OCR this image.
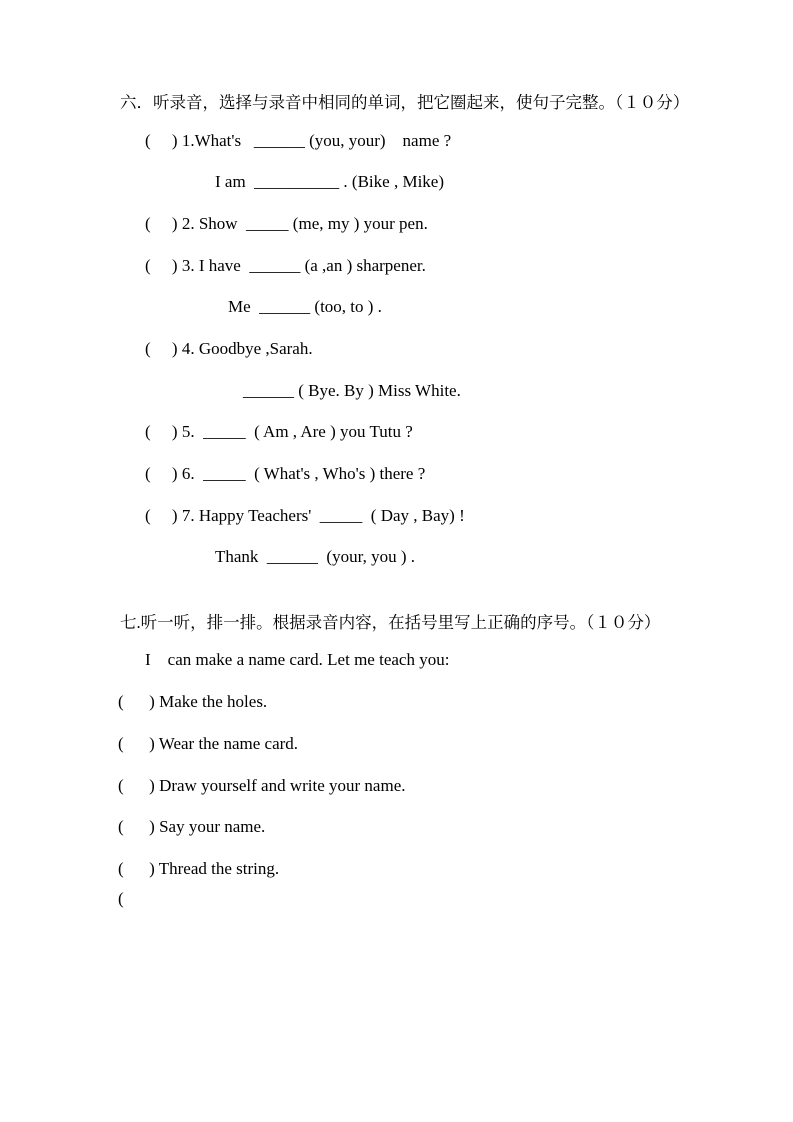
六．听录音，选择与录音中相同的单词，把它圈起来，使句子完整。（１０分）
(     ) 1.What's   ______ (you, your)    name ?
I am  __________ . (Bike , Mike)
(     ) 2. Show  _____ (me, my ) your pen.
(     ) 3. I have  ______ (a ,an ) sharpener.
Me  ______ (too, to ) .
(     ) 4. Goodbye ,Sarah.
______ ( Bye. By ) Miss White.
(     ) 5.  _____  ( Am , Are ) you Tutu ?
(     ) 6.  _____  ( What's , Who's ) there ?
(     ) 7. Happy Teachers'  _____  ( Day , Bay) !
Thank  ______  (your, you ) .
七.听一听，排一排。根据录音内容，在括号里写上正确的序号。（１０分）
I    can make a name card. Let me teach you:
(      ) Make the holes.
(      ) Wear the name card.
(      ) Draw yourself and write your name.
(      ) Say your name.
(      ) Thread the string.
(
